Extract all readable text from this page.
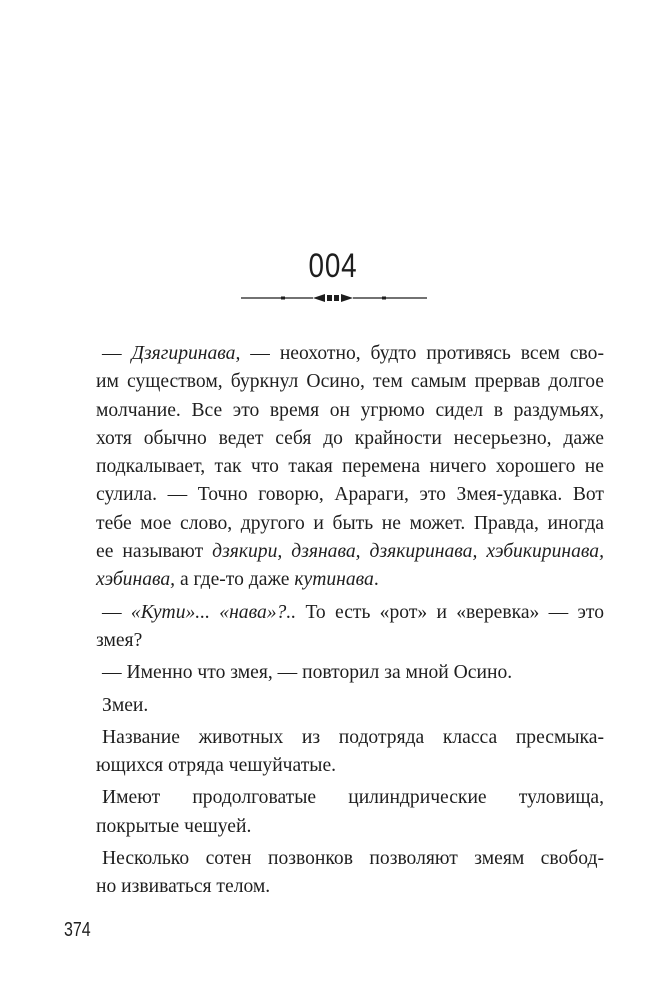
004

— Дзягиринава, — неохотно, будто противясь всем сво-
им существом, буркнул Осино, тем самым прервав долгое
молчание. Все это время он угрюмо сидел в раздумьях,
хотя обычно ведет себя до крайности несерьезно, даже
подкалывает, так что такая перемена ничего хорошего не
сулила. — Точно говорю, Арараги, это Змея-удавка. Вот
тебе мое слово, другого и быть не может. Правда, иногда
ее называют дзякири, дзянава, дзякиринава, хэбикиринава,
хэбинава, а где-то даже кутинава.

— «Кути»... «нава»?.. То есть «рот» и «веревка» — это
змея?

— Именно что змея, — повторил за мной Осино.

Змеи.

Название животных из подотряда класса пресмыка-
ющихся отряда чешуйчатые.

Имеют продолговатые цилиндрические туловища,
покрытые чешуей.

Несколько сотен позвонков позволяют змеям свобод-
но извиваться телом.

374
